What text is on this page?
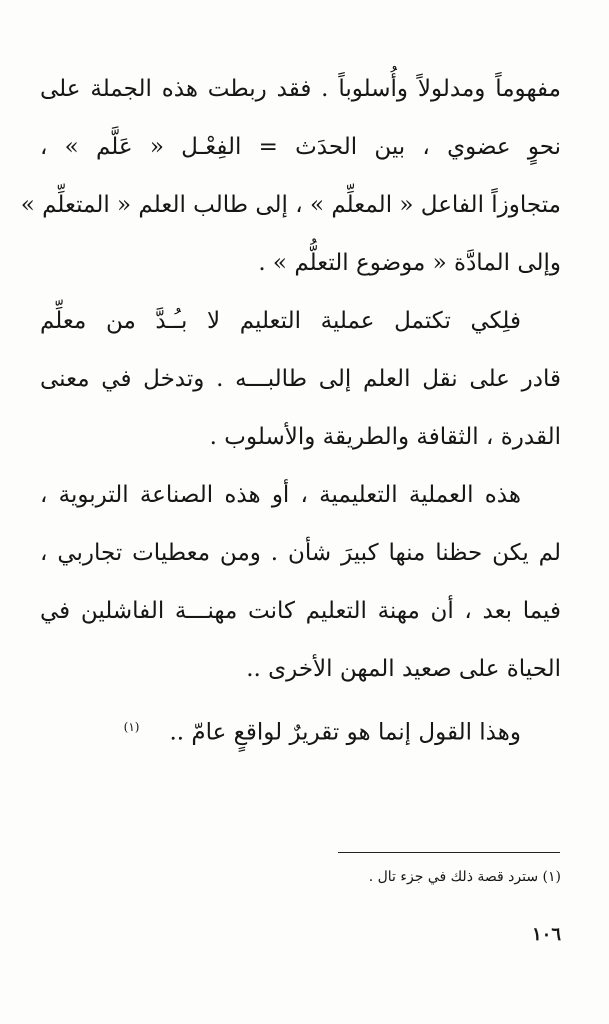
مفهوماً ومدلولاً وأُسلوباً . فقد ربطت هذه الجملة على
نحوٍ عضوي ، بين الحدَث = الفِعْـل « عَلَّم » ،
متجاوزاً الفاعل « المعلِّم » ، إلى طالب العلم « المتعلِّم »
وإلى المادَّة « موضوع التعلُّم » .
فلِكي تكتمل عملية التعليم لا بـُـدَّ من معلِّم
قادر على نقل العلم إلى طالبـــه . وتدخل في معنى
القدرة ، الثقافة والطريقة والأسلوب .
هذه العملية التعليمية ، أو هذه الصناعة التربوية ،
لم يكن حظنا منها كبيرَ شأن . ومن معطيات تجاربي ،
فيما بعد ، أن مهنة التعليم كانت مهنـــة الفاشلين في
الحياة على صعيد المهن الأخرى ..
وهذا القول إنما هو تقريرٌ لواقعٍ عامّ ..$^{(١)}$
(١) سترد قصة ذلك في جزء تال .
١٠٦
